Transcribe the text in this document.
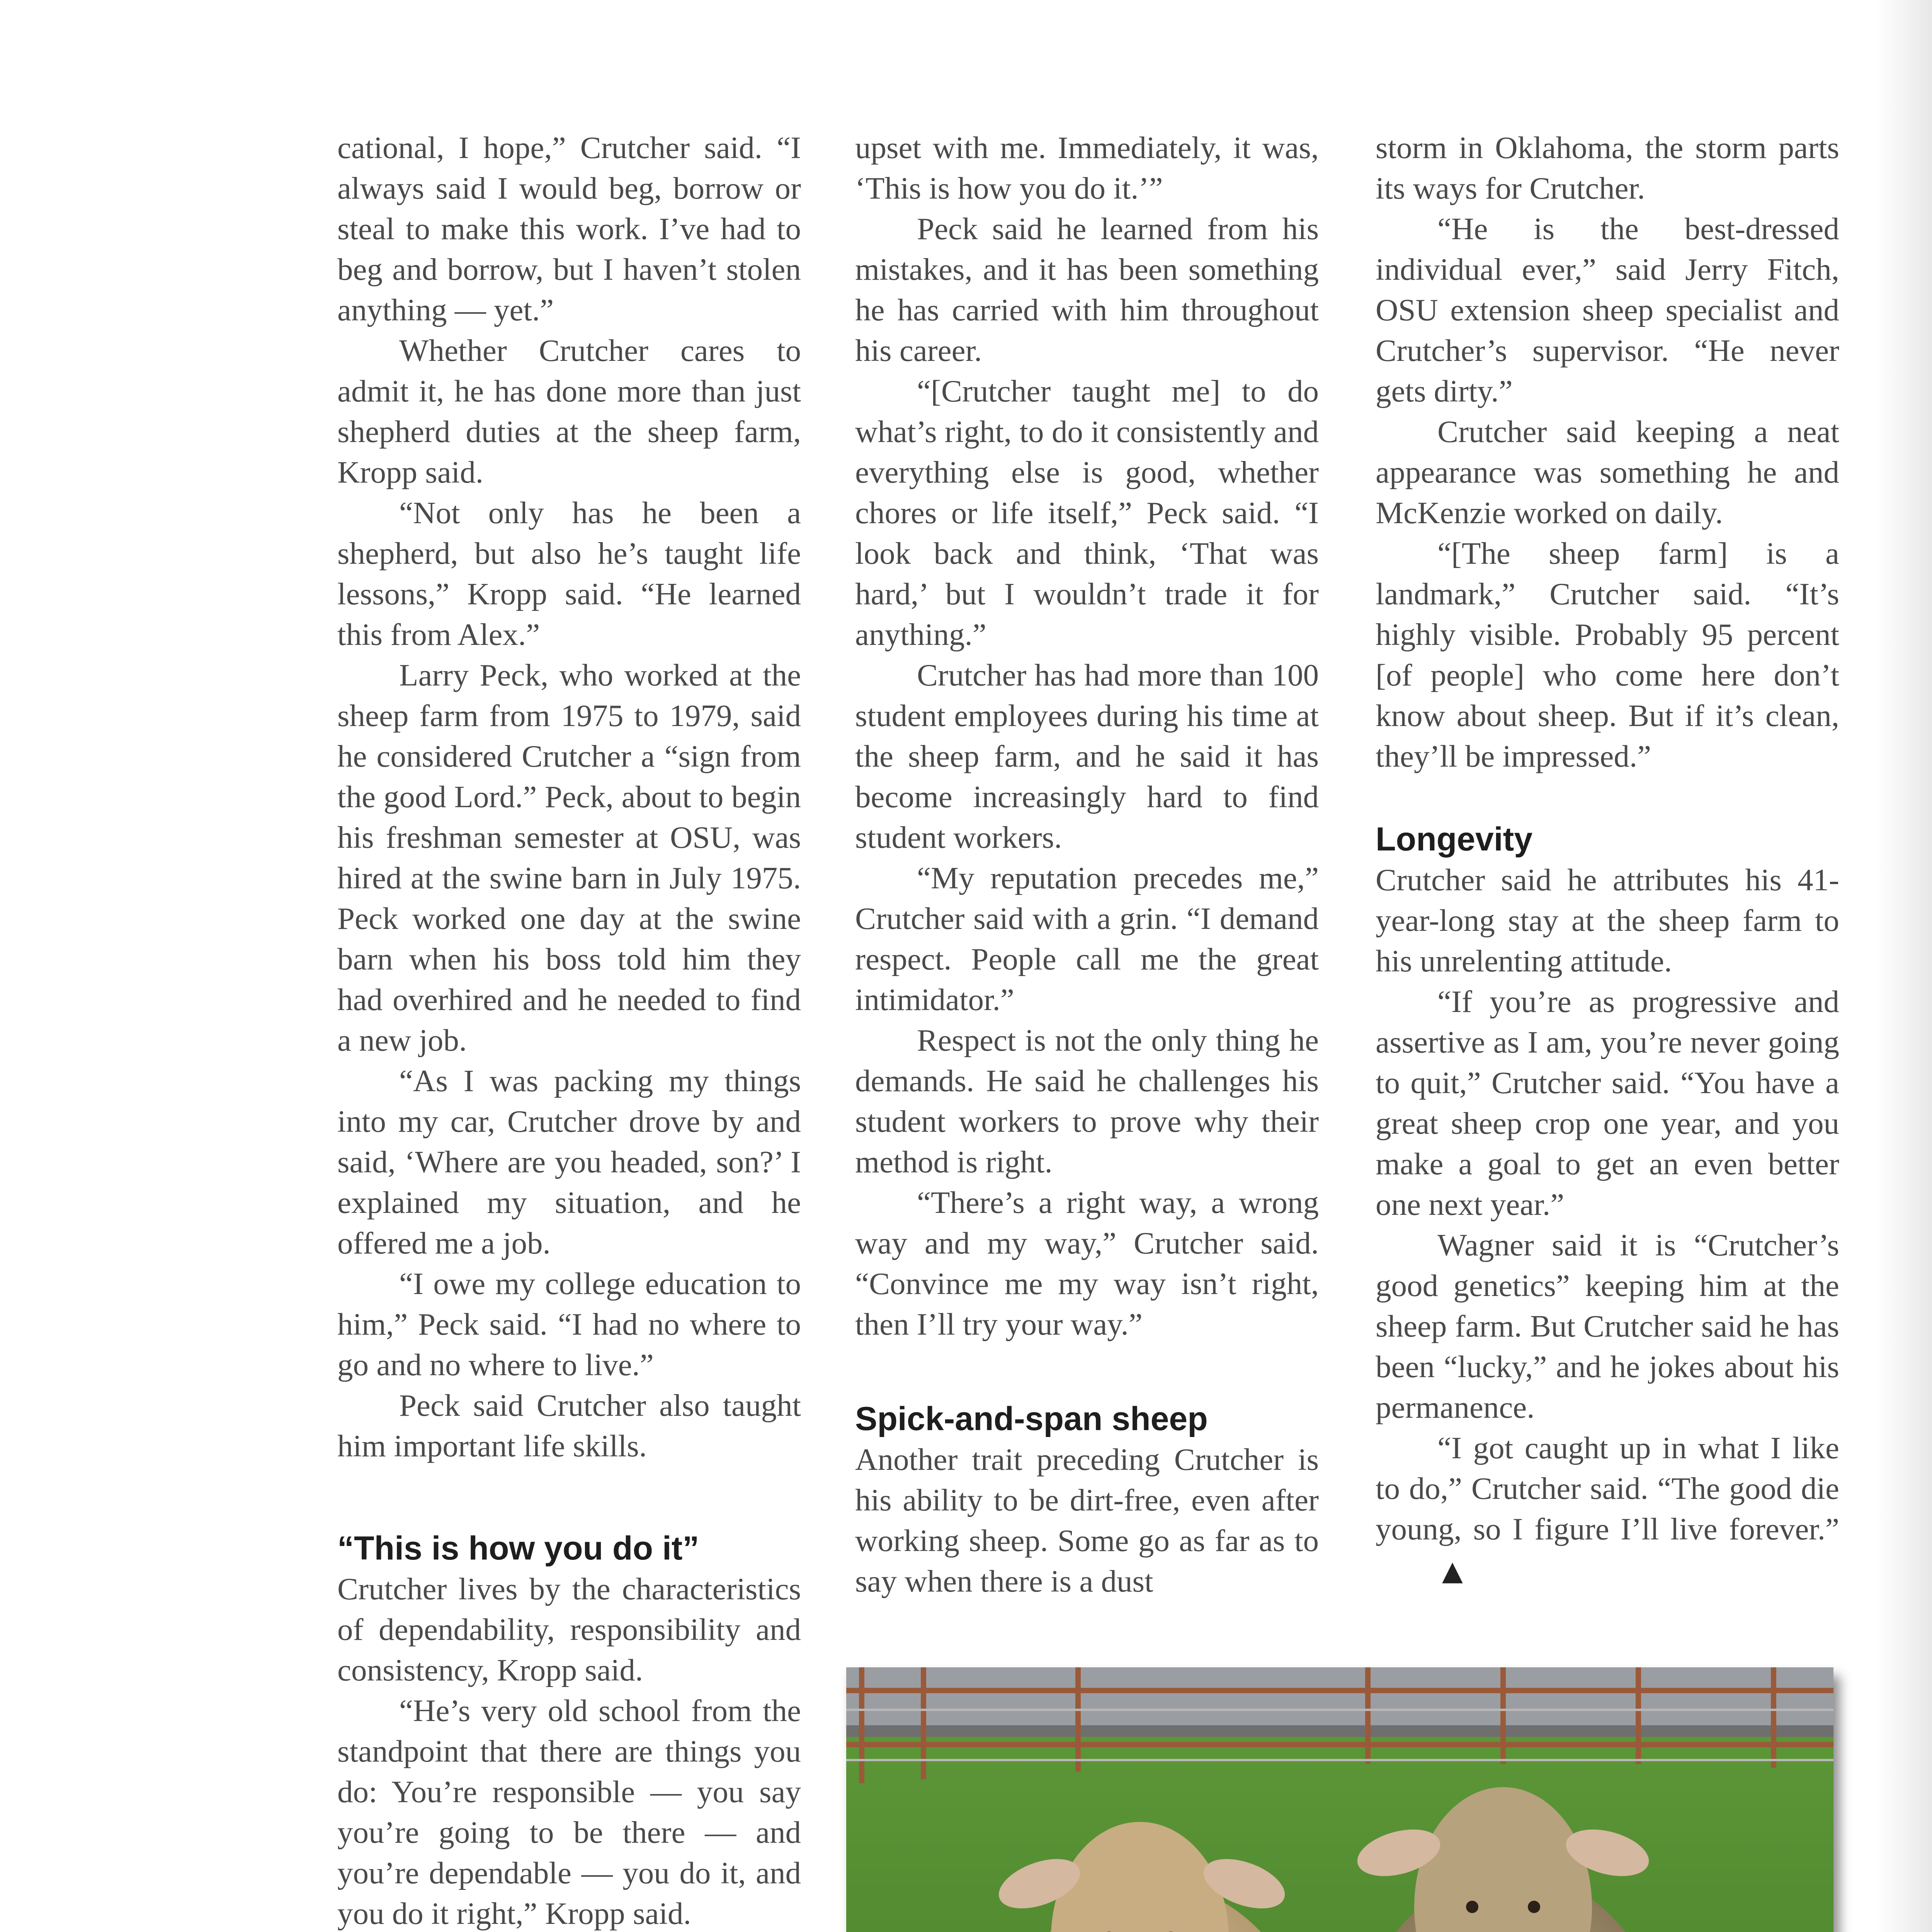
cational, I hope,” Crutcher said. “I always said I would beg, borrow or steal to make this work. I’ve had to beg and borrow, but I haven’t stolen anything — yet.”

Whether Crutcher cares to admit it, he has done more than just shepherd duties at the sheep farm, Kropp said.

“Not only has he been a shepherd, but also he’s taught life lessons,” Kropp said. “He learned this from Alex.”

Larry Peck, who worked at the sheep farm from 1975 to 1979, said he considered Crutcher a “sign from the good Lord.” Peck, about to begin his freshman semester at OSU, was hired at the swine barn in July 1975. Peck worked one day at the swine barn when his boss told him they had overhired and he needed to find a new job.

“As I was packing my things into my car, Crutcher drove by and said, ‘Where are you headed, son?’ I explained my situation, and he offered me a job.

“I owe my college education to him,” Peck said. “I had no where to go and no where to live.”

Peck said Crutcher also taught him important life skills.

“This is how you do it”

Crutcher lives by the characteristics of dependability, responsibility and consistency, Kropp said.

“He’s very old school from the standpoint that there are things you do: You’re responsible — you say you’re going to be there — and you’re dependable — you do it, and you do it right,” Kropp said.

upset with me. Immediately, it was, ‘This is how you do it.’”

Peck said he learned from his mistakes, and it has been something he has carried with him throughout his career.

“[Crutcher taught me] to do what’s right, to do it consistently and everything else is good, whether chores or life itself,” Peck said. “I look back and think, ‘That was hard,’ but I wouldn’t trade it for anything.”

Crutcher has had more than 100 student employees during his time at the sheep farm, and he said it has become increasingly hard to find student workers.

“My reputation precedes me,” Crutcher said with a grin. “I demand respect. People call me the great intimidator.”

Respect is not the only thing he demands. He said he challenges his student workers to prove why their method is right.

“There’s a right way, a wrong way and my way,” Crutcher said. “Convince me my way isn’t right, then I’ll try your way.”

Spick-and-span sheep

Another trait preceding Crutcher is his ability to be dirt-free, even after working sheep. Some go as far as to say when there is a dust

storm in Oklahoma, the storm parts its ways for Crutcher.

“He is the best-dressed individual ever,” said Jerry Fitch, OSU extension sheep specialist and Crutcher’s supervisor. “He never gets dirty.”

Crutcher said keeping a neat appearance was something he and McKenzie worked on daily.

“[The sheep farm] is a landmark,” Crutcher said. “It’s highly visible. Probably 95 percent [of people] who come here don’t know about sheep. But if it’s clean, they’ll be impressed.”

Longevity

Crutcher said he attributes his 41-year-long stay at the sheep farm to his unrelenting attitude.

“If you’re as progressive and assertive as I am, you’re never going to quit,” Crutcher said. “You have a great sheep crop one year, and you make a goal to get an even better one next year.”

Wagner said it is “Crutcher’s good genetics” keeping him at the sheep farm. But Crutcher said he has been “lucky,” and he jokes about his permanence.

“I got caught up in what I like to do,” Crutcher said. “The good die young, so I figure I’ll live forever.”▲
